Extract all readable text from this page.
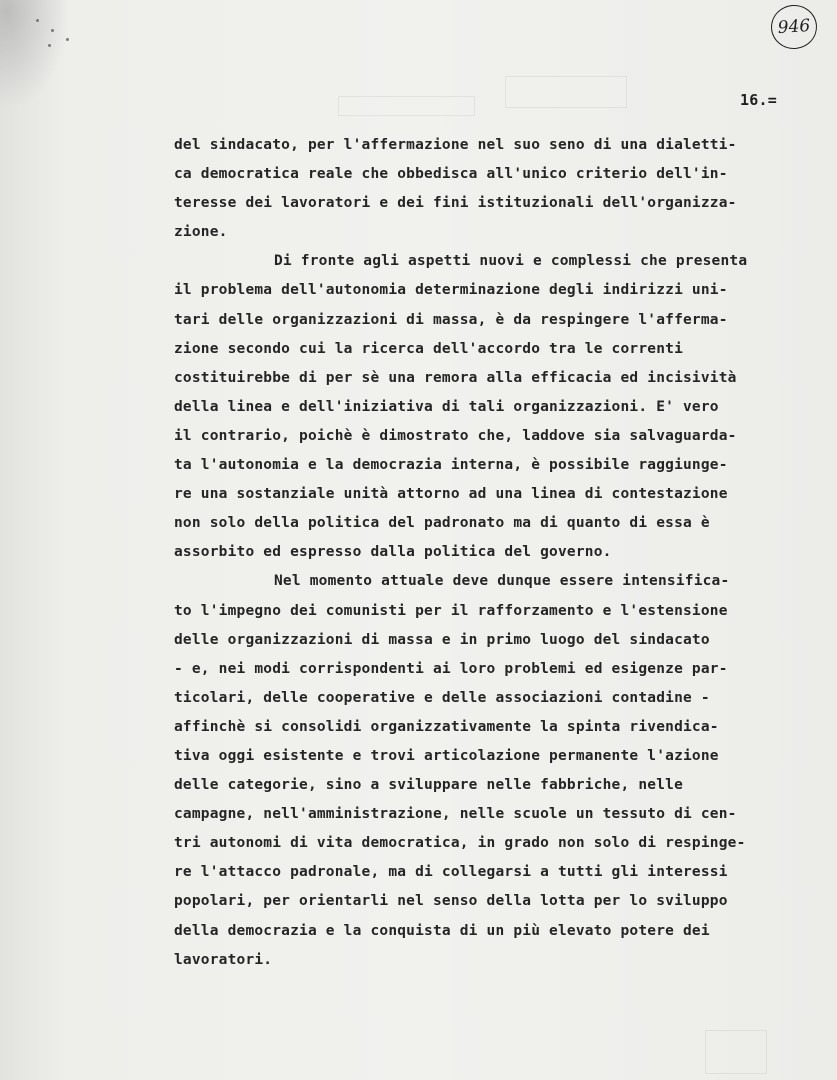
946
16.=
del sindacato, per l'affermazione nel suo seno di una dialetti-
ca democratica reale che obbedisca all'unico criterio dell'in-
teresse dei lavoratori e dei fini istituzionali dell'organizza-
zione.
Di fronte agli aspetti nuovi e complessi che presenta
il problema dell'autonomia determinazione degli indirizzi uni-
tari delle organizzazioni di massa, è da respingere l'afferma-
zione secondo cui la ricerca dell'accordo tra le correnti
costituirebbe di per sè una remora alla efficacia ed incisività
della linea e dell'iniziativa di tali organizzazioni. E' vero
il contrario, poichè è dimostrato che, laddove sia salvaguarda-
ta l'autonomia e la democrazia interna, è possibile raggiunge-
re una sostanziale unità attorno ad una linea di contestazione
non solo della politica del padronato ma di quanto di essa è
assorbito ed espresso dalla politica del governo.
Nel momento attuale deve dunque essere intensifica-
to l'impegno dei comunisti per il rafforzamento e l'estensione
delle organizzazioni di massa e in primo luogo del sindacato
- e, nei modi corrispondenti ai loro problemi ed esigenze par-
ticolari, delle cooperative e delle associazioni contadine -
affinchè si consolidi organizzativamente la spinta rivendica-
tiva oggi esistente e trovi articolazione permanente l'azione
delle categorie, sino a sviluppare nelle fabbriche, nelle
campagne, nell'amministrazione, nelle scuole un tessuto di cen-
tri autonomi di vita democratica, in grado non solo di respinge-
re l'attacco padronale, ma di collegarsi a tutti gli interessi
popolari, per orientarli nel senso della lotta per lo sviluppo
della democrazia e la conquista di un più elevato potere dei
lavoratori.
